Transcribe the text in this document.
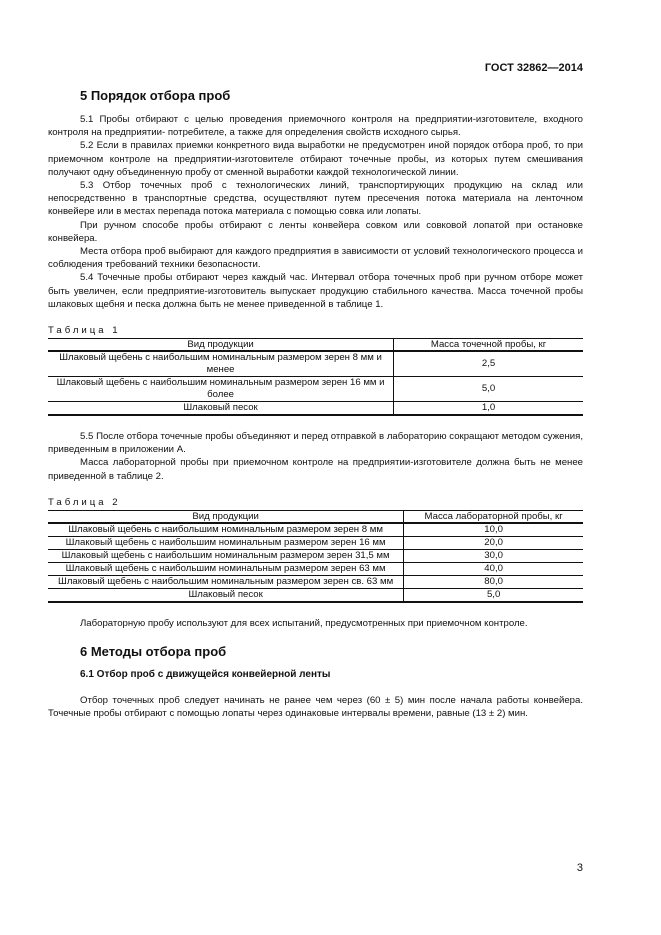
ГОСТ 32862—2014
5 Порядок отбора проб

5.1 Пробы отбирают с целью проведения приемочного контроля на предприятии-изготовителе, входного контроля на предприятии- потребителе, а также для определения свойств исходного сырья.

5.2 Если в правилах приемки конкретного вида выработки не предусмотрен иной порядок отбора проб, то при приемочном контроле на предприятии-изготовителе отбирают точечные пробы, из которых путем смешивания получают одну объединенную пробу от сменной выработки каждой технологической линии.

5.3 Отбор точечных проб с технологических линий, транспортирующих продукцию на склад или непосредственно в транспортные средства, осуществляют путем пресечения потока материала на ленточном конвейере или в местах перепада потока материала с помощью совка или лопаты.

При ручном способе пробы отбирают с ленты конвейера совком или совковой лопатой при остановке конвейера.

Места отбора проб выбирают для каждого предприятия в зависимости от условий технологического процесса и соблюдения требований техники безопасности.

5.4 Точечные пробы отбирают через каждый час. Интервал отбора точечных проб при ручном отборе может быть увеличен, если предприятие-изготовитель выпускает продукцию стабильного качества. Масса точечной пробы шлаковых щебня и песка должна быть не менее приведенной в таблице 1.

Таблица 1
Вид продукции	Масса точечной пробы, кг
Шлаковый щебень с наибольшим номинальным размером зерен 8 мм и менее	2,5
Шлаковый щебень с наибольшим номинальным размером зерен 16 мм и более	5,0
Шлаковый песок	1,0

5.5 После отбора точечные пробы объединяют и перед отправкой в лабораторию сокращают методом сужения, приведенным в приложении А.

Масса лабораторной пробы при приемочном контроле на предприятии-изготовителе должна быть не менее приведенной в таблице 2.

Таблица 2
Вид продукции	Масса лабораторной пробы, кг
Шлаковый щебень с наибольшим номинальным размером зерен 8 мм	10,0
Шлаковый щебень с наибольшим номинальным размером зерен 16 мм	20,0
Шлаковый щебень с наибольшим номинальным размером зерен 31,5 мм	30,0
Шлаковый щебень с наибольшим номинальным размером зерен 63 мм	40,0
Шлаковый щебень с наибольшим номинальным размером зерен св. 63 мм	80,0
Шлаковый песок	5,0

Лабораторную пробу используют для всех испытаний, предусмотренных при приемочном контроле.

6 Методы отбора проб
6.1 Отбор проб с движущейся конвейерной ленты

Отбор точечных проб следует начинать не ранее чем через (60 ± 5) мин после начала работы конвейера. Точечные пробы отбирают с помощью лопаты через одинаковые интервалы времени, равные (13 ± 2) мин.

3
